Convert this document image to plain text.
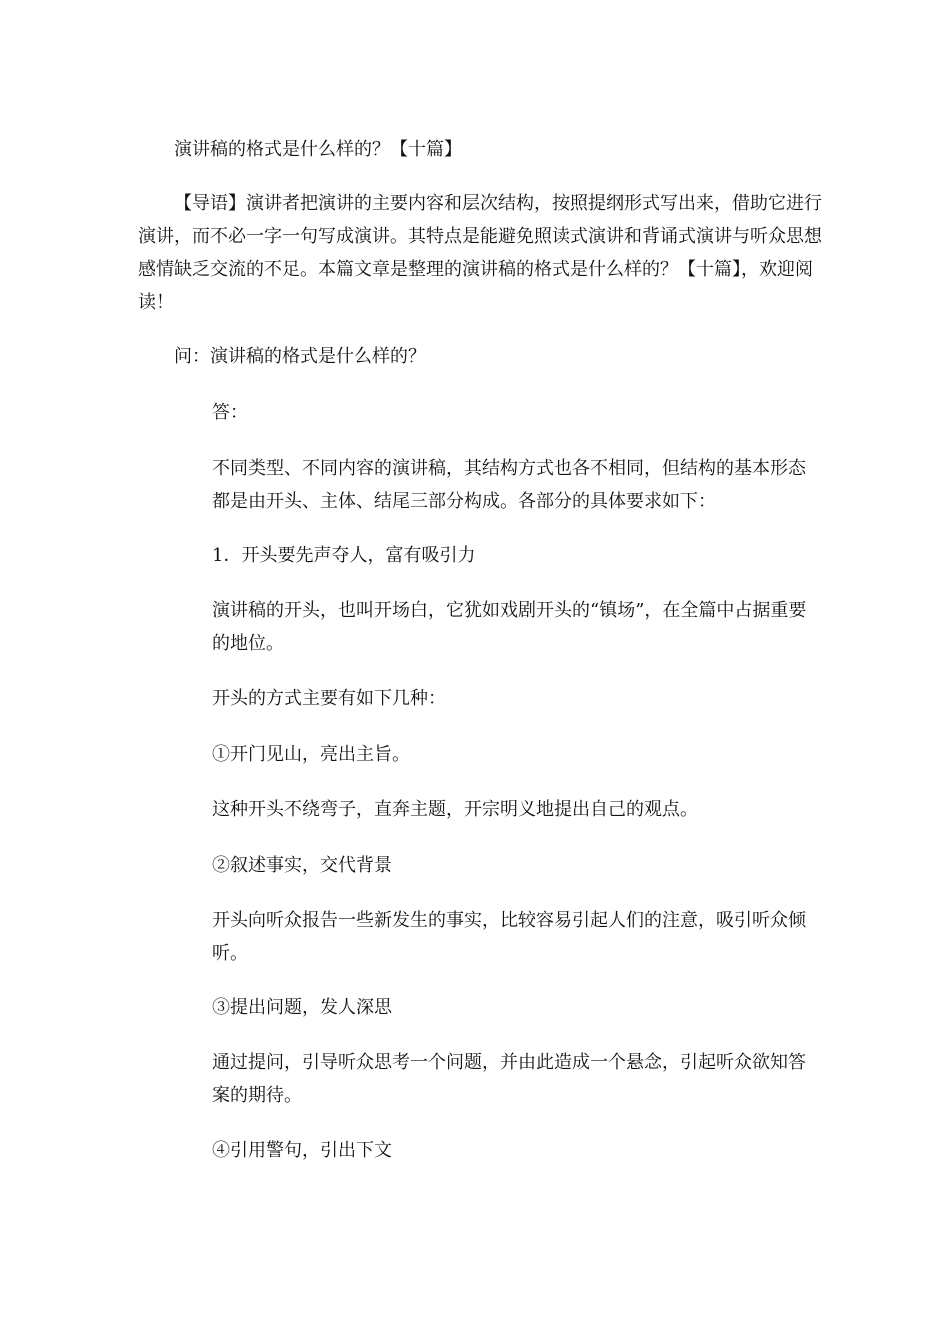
演讲稿的格式是什么样的？【十篇】

【导语】演讲者把演讲的主要内容和层次结构，按照提纲形式写出来，借助它进行演讲，而不必一字一句写成演讲。其特点是能避免照读式演讲和背诵式演讲与听众思想感情缺乏交流的不足。本篇文章是整理的演讲稿的格式是什么样的？【十篇】，欢迎阅读！

问：演讲稿的格式是什么样的？

答：

不同类型、不同内容的演讲稿，其结构方式也各不相同，但结构的基本形态都是由开头、主体、结尾三部分构成。各部分的具体要求如下：

1．开头要先声夺人，富有吸引力

演讲稿的开头，也叫开场白，它犹如戏剧开头的“镇场”，在全篇中占据重要的地位。

开头的方式主要有如下几种：

①开门见山，亮出主旨。

这种开头不绕弯子，直奔主题，开宗明义地提出自己的观点。

②叙述事实，交代背景

开头向听众报告一些新发生的事实，比较容易引起人们的注意，吸引听众倾听。

③提出问题，发人深思

通过提问，引导听众思考一个问题，并由此造成一个悬念，引起听众欲知答案的期待。

④引用警句，引出下文
